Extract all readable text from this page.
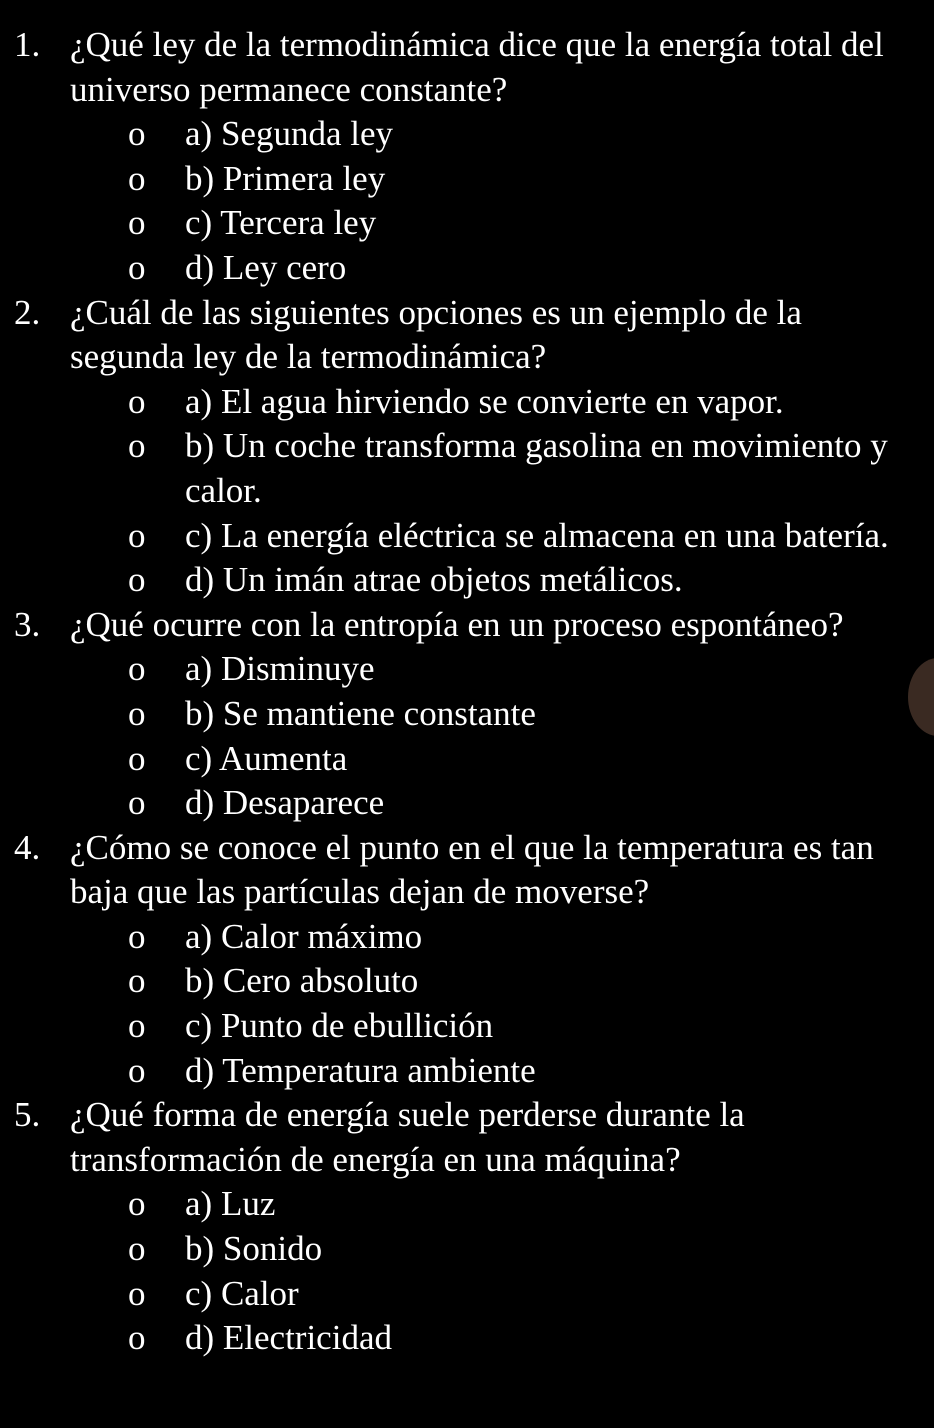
1. ¿Qué ley de la termodinámica dice que la energía total del universo permanece constante?
o a) Segunda ley
o b) Primera ley
o c) Tercera ley
o d) Ley cero
2. ¿Cuál de las siguientes opciones es un ejemplo de la segunda ley de la termodinámica?
o a) El agua hirviendo se convierte en vapor.
o b) Un coche transforma gasolina en movimiento y calor.
o c) La energía eléctrica se almacena en una batería.
o d) Un imán atrae objetos metálicos.
3. ¿Qué ocurre con la entropía en un proceso espontáneo?
o a) Disminuye
o b) Se mantiene constante
o c) Aumenta
o d) Desaparece
4. ¿Cómo se conoce el punto en el que la temperatura es tan baja que las partículas dejan de moverse?
o a) Calor máximo
o b) Cero absoluto
o c) Punto de ebullición
o d) Temperatura ambiente
5. ¿Qué forma de energía suele perderse durante la transformación de energía en una máquina?
o a) Luz
o b) Sonido
o c) Calor
o d) Electricidad
